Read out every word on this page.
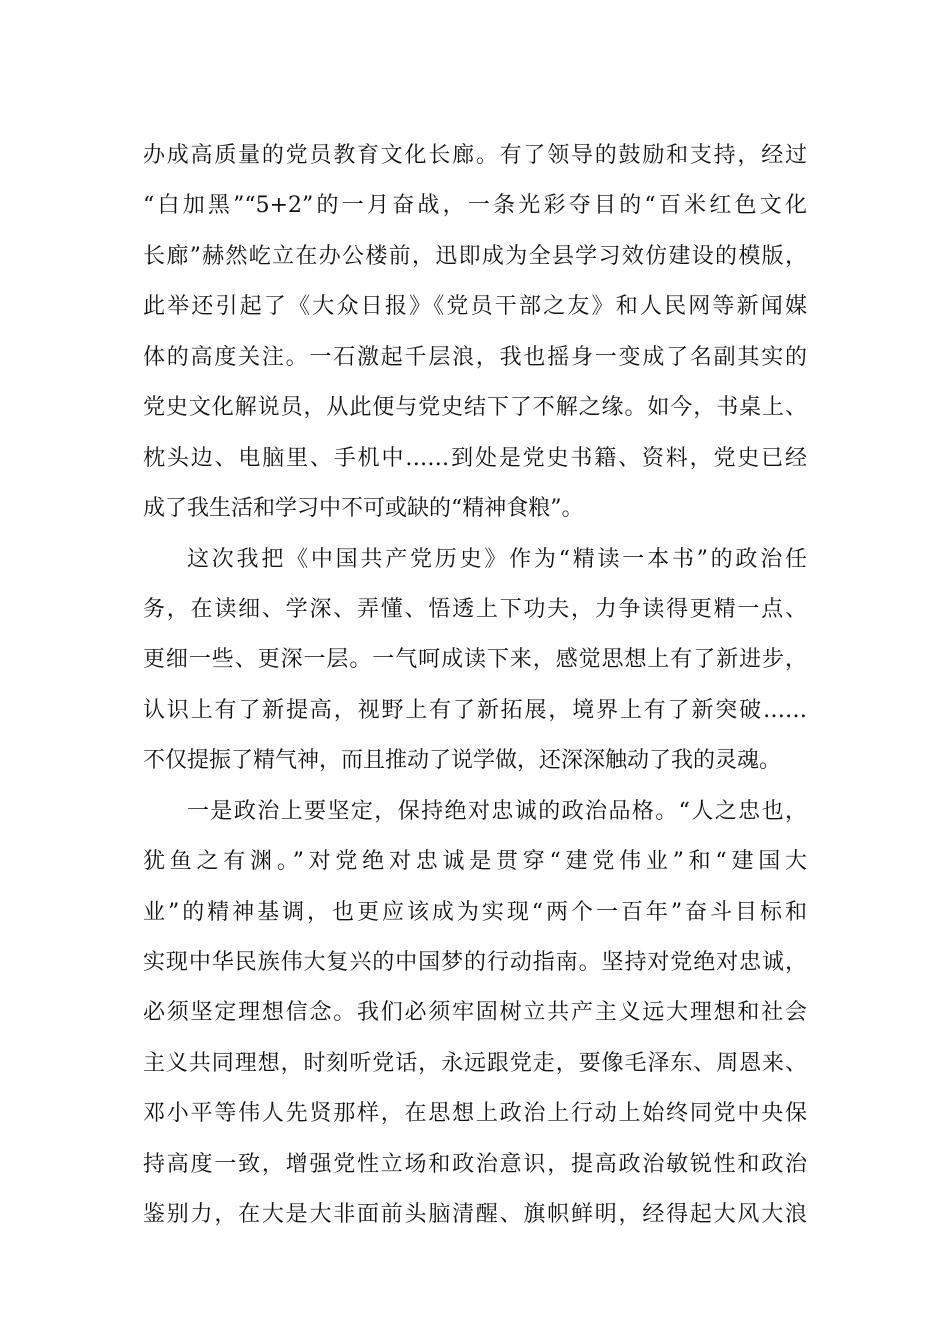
办成高质量的党员教育文化长廊。有了领导的鼓励和支持，经过
“白加黑”“5+2”的一月奋战，一条光彩夺目的“百米红色文化
长廊”赫然屹立在办公楼前，迅即成为全县学习效仿建设的模版，
此举还引起了《大众日报》《党员干部之友》和人民网等新闻媒
体的高度关注。一石激起千层浪，我也摇身一变成了名副其实的
党史文化解说员，从此便与党史结下了不解之缘。如今，书桌上、
枕头边、电脑里、手机中……到处是党史书籍、资料，党史已经
成了我生活和学习中不可或缺的“精神食粮”。
这次我把《中国共产党历史》作为“精读一本书”的政治任
务，在读细、学深、弄懂、悟透上下功夫，力争读得更精一点、
更细一些、更深一层。一气呵成读下来，感觉思想上有了新进步，
认识上有了新提高，视野上有了新拓展，境界上有了新突破……
不仅提振了精气神，而且推动了说学做，还深深触动了我的灵魂。
一是政治上要坚定，保持绝对忠诚的政治品格。“人之忠也，
犹鱼之有渊。”对党绝对忠诚是贯穿“建党伟业”和“建国大
业”的精神基调，也更应该成为实现“两个一百年”奋斗目标和
实现中华民族伟大复兴的中国梦的行动指南。坚持对党绝对忠诚，
必须坚定理想信念。我们必须牢固树立共产主义远大理想和社会
主义共同理想，时刻听党话，永远跟党走，要像毛泽东、周恩来、
邓小平等伟人先贤那样，在思想上政治上行动上始终同党中央保
持高度一致，增强党性立场和政治意识，提高政治敏锐性和政治
鉴别力，在大是大非面前头脑清醒、旗帜鲜明，经得起大风大浪
